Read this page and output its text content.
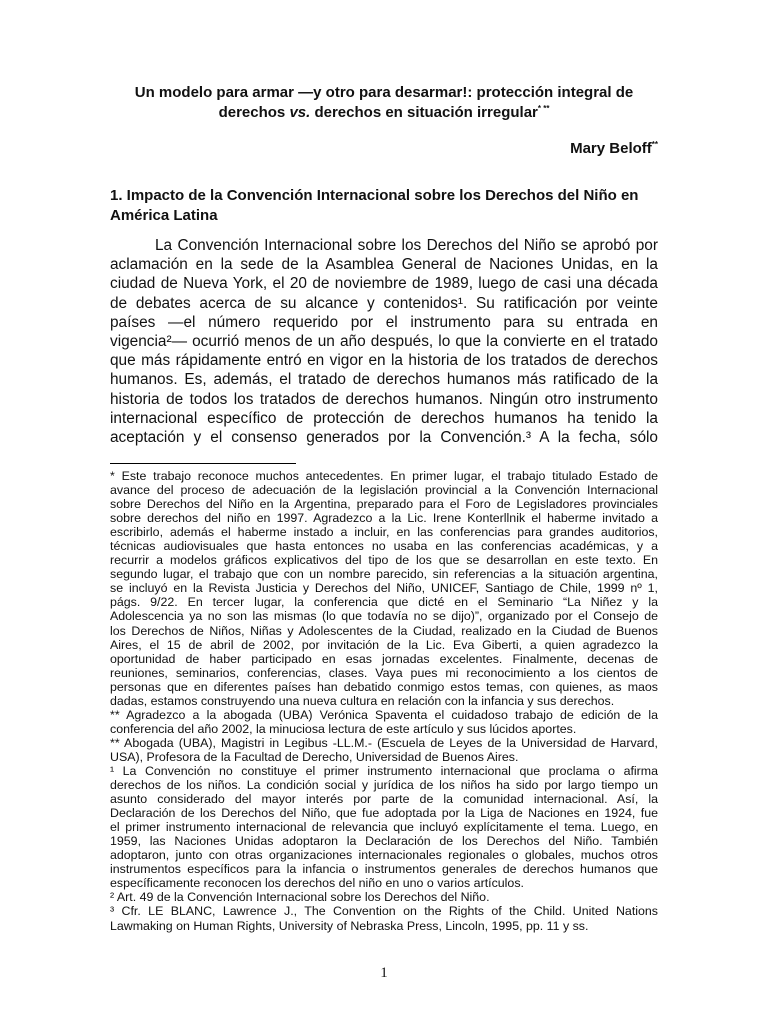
Un modelo para armar —y otro para desarmar!: protección integral de
derechos vs. derechos en situación irregular* **
Mary Beloff**
1. Impacto de la Convención Internacional sobre los Derechos del Niño en
América Latina
La Convención Internacional sobre los Derechos del Niño se aprobó por
aclamación en la sede de la Asamblea General de Naciones Unidas, en la
ciudad de Nueva York, el 20 de noviembre de 1989, luego de casi una década
de debates acerca de su alcance y contenidos¹. Su ratificación por veinte
países —el número requerido por el instrumento para su entrada en
vigencia²— ocurrió menos de un año después, lo que la convierte en el tratado
que más rápidamente entró en vigor en la historia de los tratados de derechos
humanos. Es, además, el tratado de derechos humanos más ratificado de la
historia de todos los tratados de derechos humanos. Ningún otro instrumento
internacional específico de protección de derechos humanos ha tenido la
aceptación y el consenso generados por la Convención.³ A la fecha, sólo
* Este trabajo reconoce muchos antecedentes. En primer lugar, el trabajo titulado Estado de
avance del proceso de adecuación de la legislación provincial a la Convención Internacional
sobre Derechos del Niño en la Argentina, preparado para el Foro de Legisladores provinciales
sobre derechos del niño en 1997. Agradezco a la Lic. Irene Konterllnik el haberme invitado a
escribirlo, además el haberme instado a incluir, en las conferencias para grandes auditorios,
técnicas audiovisuales que hasta entonces no usaba en las conferencias académicas, y a
recurrir a modelos gráficos explicativos del tipo de los que se desarrollan en este texto. En
segundo lugar, el trabajo que con un nombre parecido, sin referencias a la situación argentina,
se incluyó en la Revista Justicia y Derechos del Niño, UNICEF, Santiago de Chile, 1999 nº 1,
págs. 9/22. En tercer lugar, la conferencia que dicté en el Seminario “La Niñez y la
Adolescencia ya no son las mismas (lo que todavía no se dijo)”, organizado por el Consejo de
los Derechos de Niños, Niñas y Adolescentes de la Ciudad, realizado en la Ciudad de Buenos
Aires, el 15 de abril de 2002, por invitación de la Lic. Eva Giberti, a quien agradezco la
oportunidad de haber participado en esas jornadas excelentes. Finalmente, decenas de
reuniones, seminarios, conferencias, clases. Vaya pues mi reconocimiento a los cientos de
personas que en diferentes países han debatido conmigo estos temas, con quienes, as maos
dadas, estamos construyendo una nueva cultura en relación con la infancia y sus derechos.
** Agradezco a la abogada (UBA) Verónica Spaventa el cuidadoso trabajo de edición de la
conferencia del año 2002, la minuciosa lectura de este artículo y sus lúcidos aportes.
** Abogada (UBA), Magistri in Legibus -LL.M.- (Escuela de Leyes de la Universidad de Harvard,
USA), Profesora de la Facultad de Derecho, Universidad de Buenos Aires.
¹ La Convención no constituye el primer instrumento internacional que proclama o afirma
derechos de los niños. La condición social y jurídica de los niños ha sido por largo tiempo un
asunto considerado del mayor interés por parte de la comunidad internacional. Así, la
Declaración de los Derechos del Niño, que fue adoptada por la Liga de Naciones en 1924, fue
el primer instrumento internacional de relevancia que incluyó explícitamente el tema. Luego, en
1959, las Naciones Unidas adoptaron la Declaración de los Derechos del Niño. También
adoptaron, junto con otras organizaciones internacionales regionales o globales, muchos otros
instrumentos específicos para la infancia o instrumentos generales de derechos humanos que
específicamente reconocen los derechos del niño en uno o varios artículos.
² Art. 49 de la Convención Internacional sobre los Derechos del Niño.
³ Cfr. LE BLANC, Lawrence J., The Convention on the Rights of the Child. United Nations
Lawmaking on Human Rights, University of Nebraska Press, Lincoln, 1995, pp. 11 y ss.
1
